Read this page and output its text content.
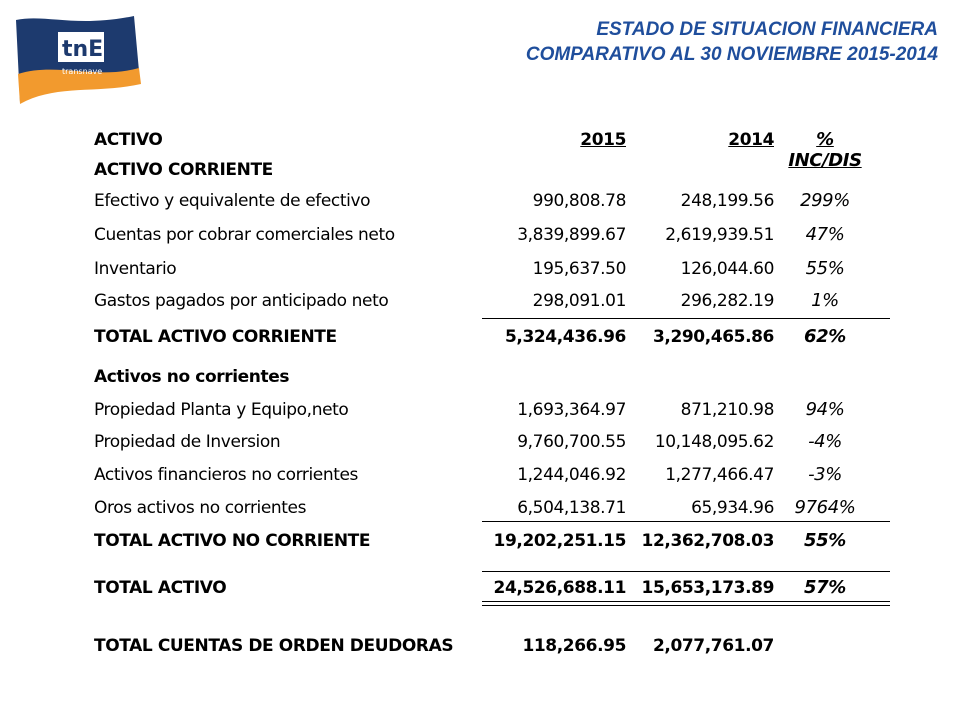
tnE
transnave
ESTADO DE SITUACION FINANCIERA
COMPARATIVO AL 30 NOVIEMBRE 2015-2014
ACTIVO	2015	2014	% INC/DIS
ACTIVO CORRIENTE
Efectivo y equivalente de efectivo	990,808.78	248,199.56	299%
Cuentas por cobrar comerciales neto	3,839,899.67 2,619,939.51	47%
Inventario	195,637.50	126,044.60	55%
Gastos pagados por anticipado neto	298,091.01	296,282.19	1%
TOTAL ACTIVO CORRIENTE	5,324,436.96 3,290,465.86	62%
Activos no corrientes
Propiedad Planta y Equipo,neto	1,693,364.97	871,210.98	94%
Propiedad de Inversion	9,760,700.55 10,148,095.62	-4%
Activos financieros no corrientes	1,244,046.92 1,277,466.47	-3%
Oros activos no corrientes	6,504,138.71	65,934.96	9764%
TOTAL ACTIVO NO CORRIENTE	19,202,251.15 12,362,708.03	55%
TOTAL ACTIVO	24,526,688.11 15,653,173.89	57%
TOTAL CUENTAS DE ORDEN DEUDORAS	118,266.95 2,077,761.07
